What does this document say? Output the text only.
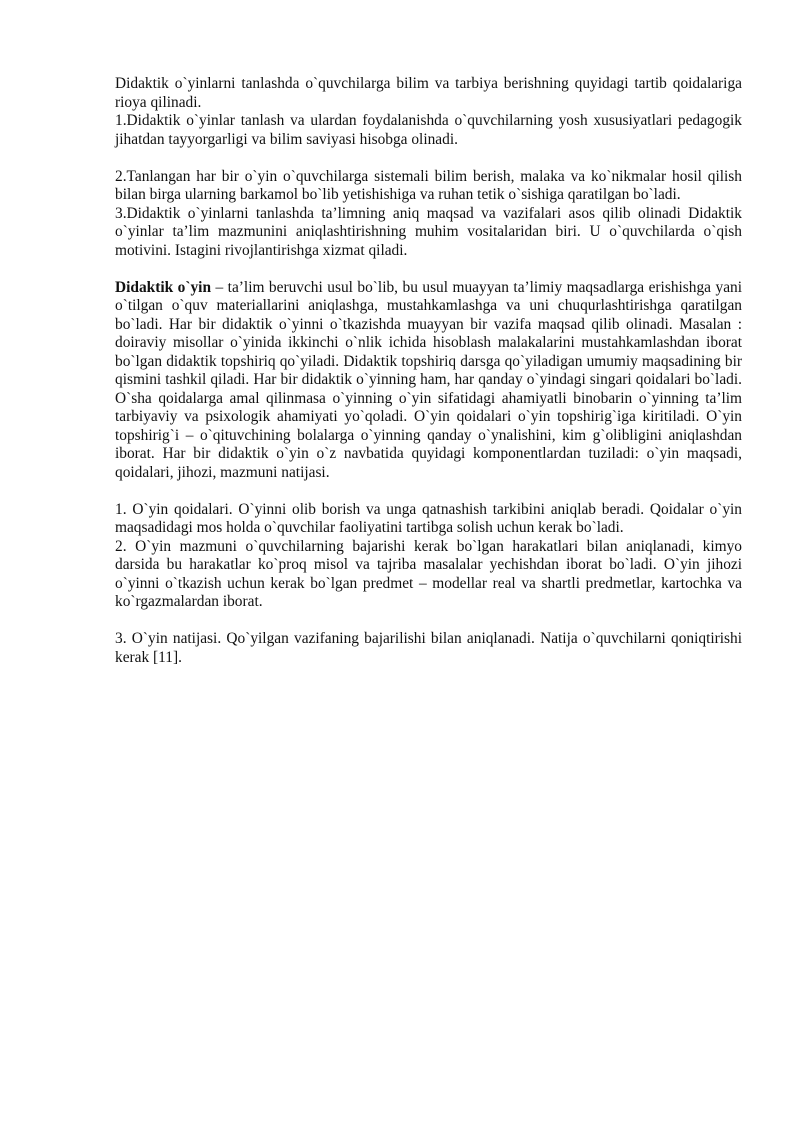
Didaktik o`yinlarni tanlashda o`quvchilarga bilim va tarbiya berishning quyidagi tartib qoidalariga rioya qilinadi.

1.Didaktik o`yinlar tanlash va ulardan foydalanishda o`quvchilarning yosh xususiyatlari pedagogik jihatdan tayyorgarligi va bilim saviyasi hisobga olinadi.

2.Tanlangan har bir o`yin o`quvchilarga sistemali bilim berish, malaka va ko`nikmalar hosil qilish bilan birga ularning barkamol bo`lib yetishishiga va ruhan tetik o`sishiga qaratilgan bo`ladi.

3.Didaktik o`yinlarni tanlashda ta’limning aniq maqsad va vazifalari asos qilib olinadi Didaktik o`yinlar ta’lim mazmunini aniqlashtirishning muhim vositalaridan biri. U o`quvchilarda o`qish motivini. Istagini rivojlantirishga xizmat qiladi.

Didaktik o`yin – ta’lim beruvchi usul bo`lib, bu usul muayyan ta’limiy maqsadlarga erishishga yani o`tilgan o`quv materiallarini aniqlashga, mustahkamlashga va uni chuqurlashtirishga qaratilgan bo`ladi. Har bir didaktik o`yinni o`tkazishda muayyan bir vazifa maqsad qilib olinadi. Masalan : doiraviy misollar o`yinida ikkinchi o`nlik ichida hisoblash malakalarini mustahkamlashdan iborat bo`lgan didaktik topshiriq qo`yiladi. Didaktik topshiriq darsga qo`yiladigan umumiy maqsadining bir qismini tashkil qiladi. Har bir didaktik o`yinning ham, har qanday o`yindagi singari qoidalari bo`ladi. O`sha qoidalarga amal qilinmasa o`yinning o`yin sifatidagi ahamiyatli binobarin o`yinning ta’lim tarbiyaviy va psixologik ahamiyati yo`qoladi. O`yin qoidalari o`yin topshirig`iga kiritiladi. O`yin topshirig`i – o`qituvchining bolalarga o`yinning qanday o`ynalishini, kim g`olibligini aniqlashdan iborat. Har bir didaktik o`yin o`z navbatida quyidagi komponentlardan tuziladi: o`yin maqsadi, qoidalari, jihozi, mazmuni natijasi.

1. O`yin qoidalari. O`yinni olib borish va unga qatnashish tarkibini aniqlab beradi. Qoidalar o`yin maqsadidagi mos holda o`quvchilar faoliyatini tartibga solish uchun kerak bo`ladi.

2. O`yin mazmuni o`quvchilarning bajarishi kerak bo`lgan harakatlari bilan aniqlanadi, kimyo darsida bu harakatlar ko`proq misol va tajriba masalalar yechishdan iborat bo`ladi. O`yin jihozi o`yinni o`tkazish uchun kerak bo`lgan predmet – modellar real va shartli predmetlar, kartochka va ko`rgazmalardan iborat.

3. O`yin natijasi. Qo`yilgan vazifaning bajarilishi bilan aniqlanadi. Natija o`quvchilarni qoniqtirishi kerak [11].
